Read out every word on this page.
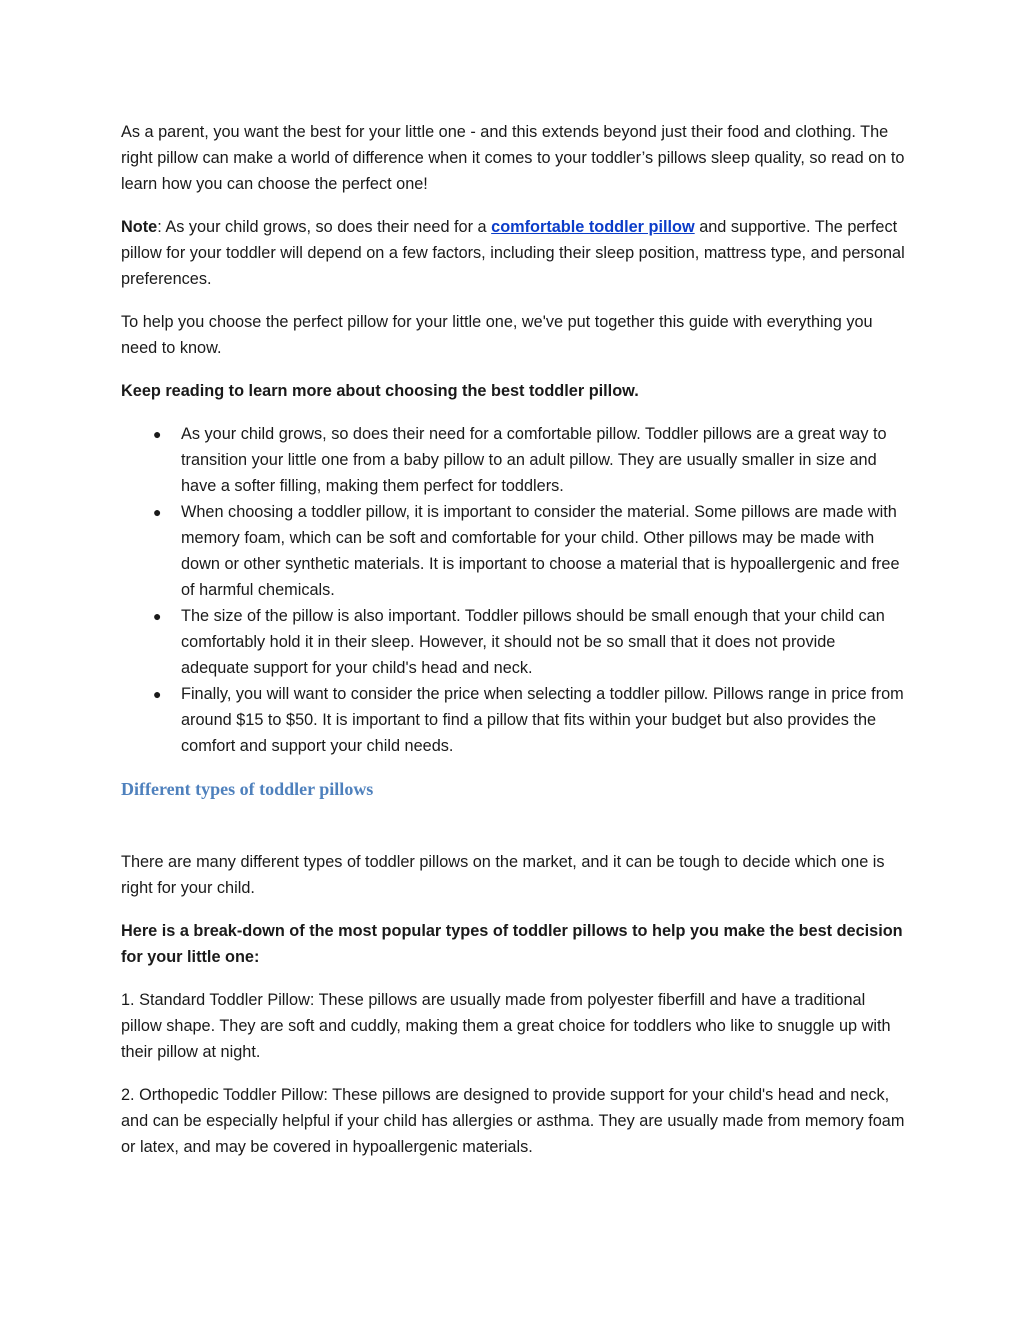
As a parent, you want the best for your little one - and this extends beyond just their food and clothing. The right pillow can make a world of difference when it comes to your toddler’s pillows sleep quality, so read on to learn how you can choose the perfect one!

Note: As your child grows, so does their need for a comfortable toddler pillow and supportive. The perfect pillow for your toddler will depend on a few factors, including their sleep position, mattress type, and personal preferences.

To help you choose the perfect pillow for your little one, we've put together this guide with everything you need to know.

Keep reading to learn more about choosing the best toddler pillow.

● As your child grows, so does their need for a comfortable pillow. Toddler pillows are a great way to transition your little one from a baby pillow to an adult pillow. They are usually smaller in size and have a softer filling, making them perfect for toddlers.
● When choosing a toddler pillow, it is important to consider the material. Some pillows are made with memory foam, which can be soft and comfortable for your child. Other pillows may be made with down or other synthetic materials. It is important to choose a material that is hypoallergenic and free of harmful chemicals.
● The size of the pillow is also important. Toddler pillows should be small enough that your child can comfortably hold it in their sleep. However, it should not be so small that it does not provide adequate support for your child's head and neck.
● Finally, you will want to consider the price when selecting a toddler pillow. Pillows range in price from around $15 to $50. It is important to find a pillow that fits within your budget but also provides the comfort and support your child needs.
Different types of toddler pillows

There are many different types of toddler pillows on the market, and it can be tough to decide which one is right for your child.

Here is a break-down of the most popular types of toddler pillows to help you make the best decision for your little one:

1. Standard Toddler Pillow: These pillows are usually made from polyester fiberfill and have a traditional pillow shape. They are soft and cuddly, making them a great choice for toddlers who like to snuggle up with their pillow at night.

2. Orthopedic Toddler Pillow: These pillows are designed to provide support for your child's head and neck, and can be especially helpful if your child has allergies or asthma. They are usually made from memory foam or latex, and may be covered in hypoallergenic materials.
